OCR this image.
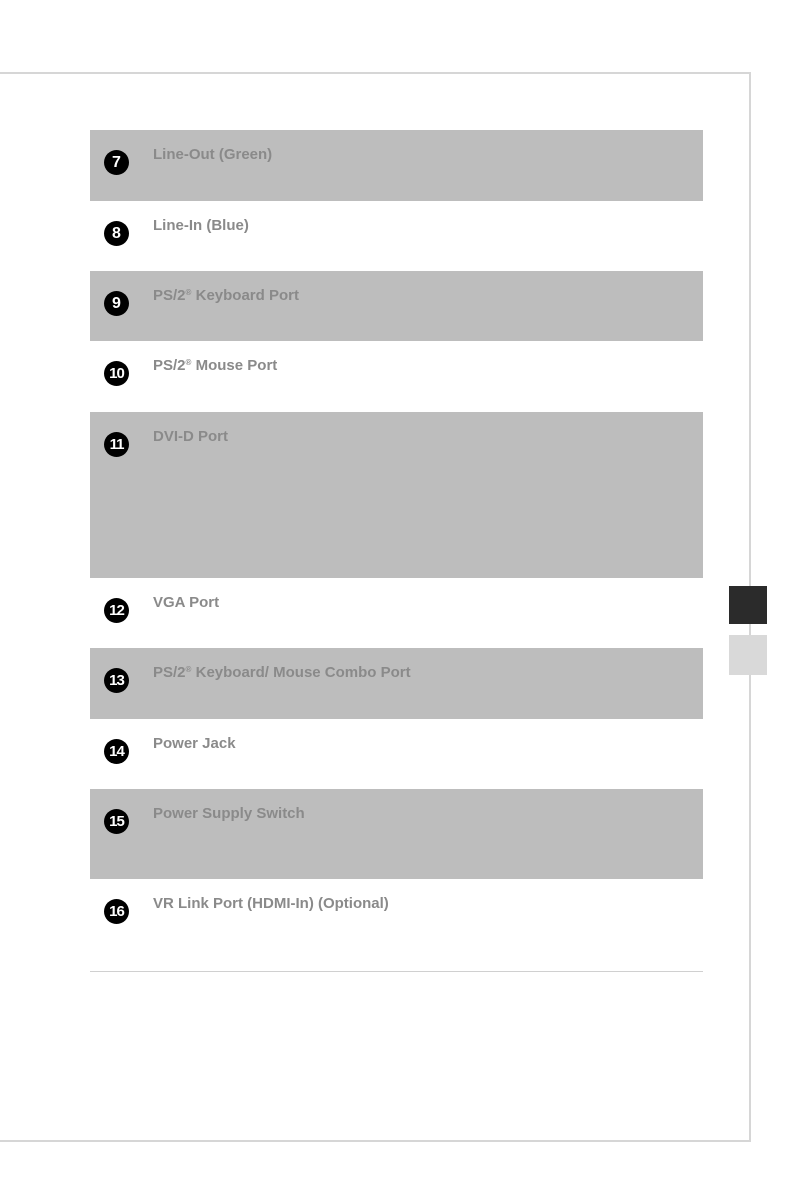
7	Line-Out (Green)
8	Line-In (Blue)
9	PS/2® Keyboard Port
10	PS/2® Mouse Port
11	DVI-D Port
12	VGA Port
13	PS/2® Keyboard/ Mouse Combo Port
14	Power Jack
15	Power Supply Switch
16	VR Link Port (HDMI-In) (Optional)
